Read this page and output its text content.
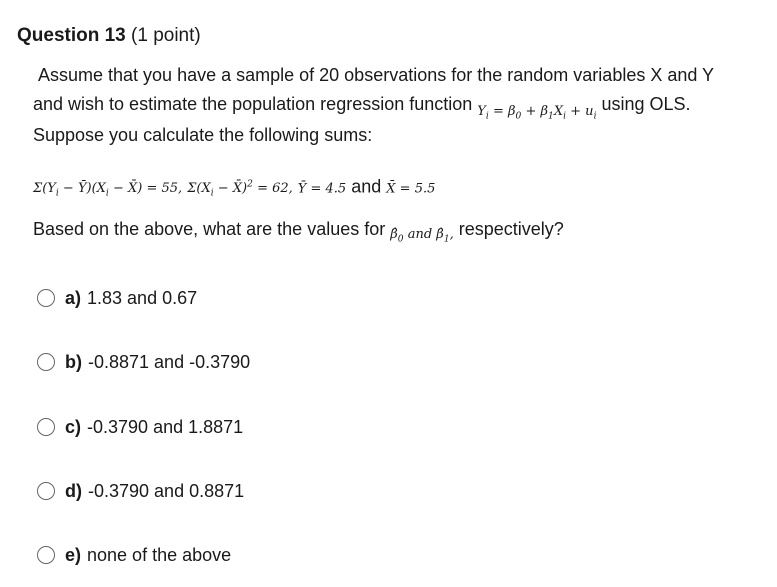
Question 13 (1 point)
Assume that you have a sample of 20 observations for the random variables X and Y
and wish to estimate the population regression function $_{Y_i = \beta_0 + \beta_1X_i + u_i}$ using OLS.
Suppose you calculate the following sums:
$\Sigma(Y_i$ − $Ȳ)(X_i$ − X̄) = 55, $\Sigma(X_i$ − X̄)$^2$ = 62, Ȳ = 4.5 and X̄ = 5.5
Based on the above, what are the values for $\betâ_0$ and $\betâ_1$, respectively?
a) 1.83 and 0.67
b) -0.8871 and -0.3790
c) -0.3790 and 1.8871
d) -0.3790 and 0.8871
e) none of the above
